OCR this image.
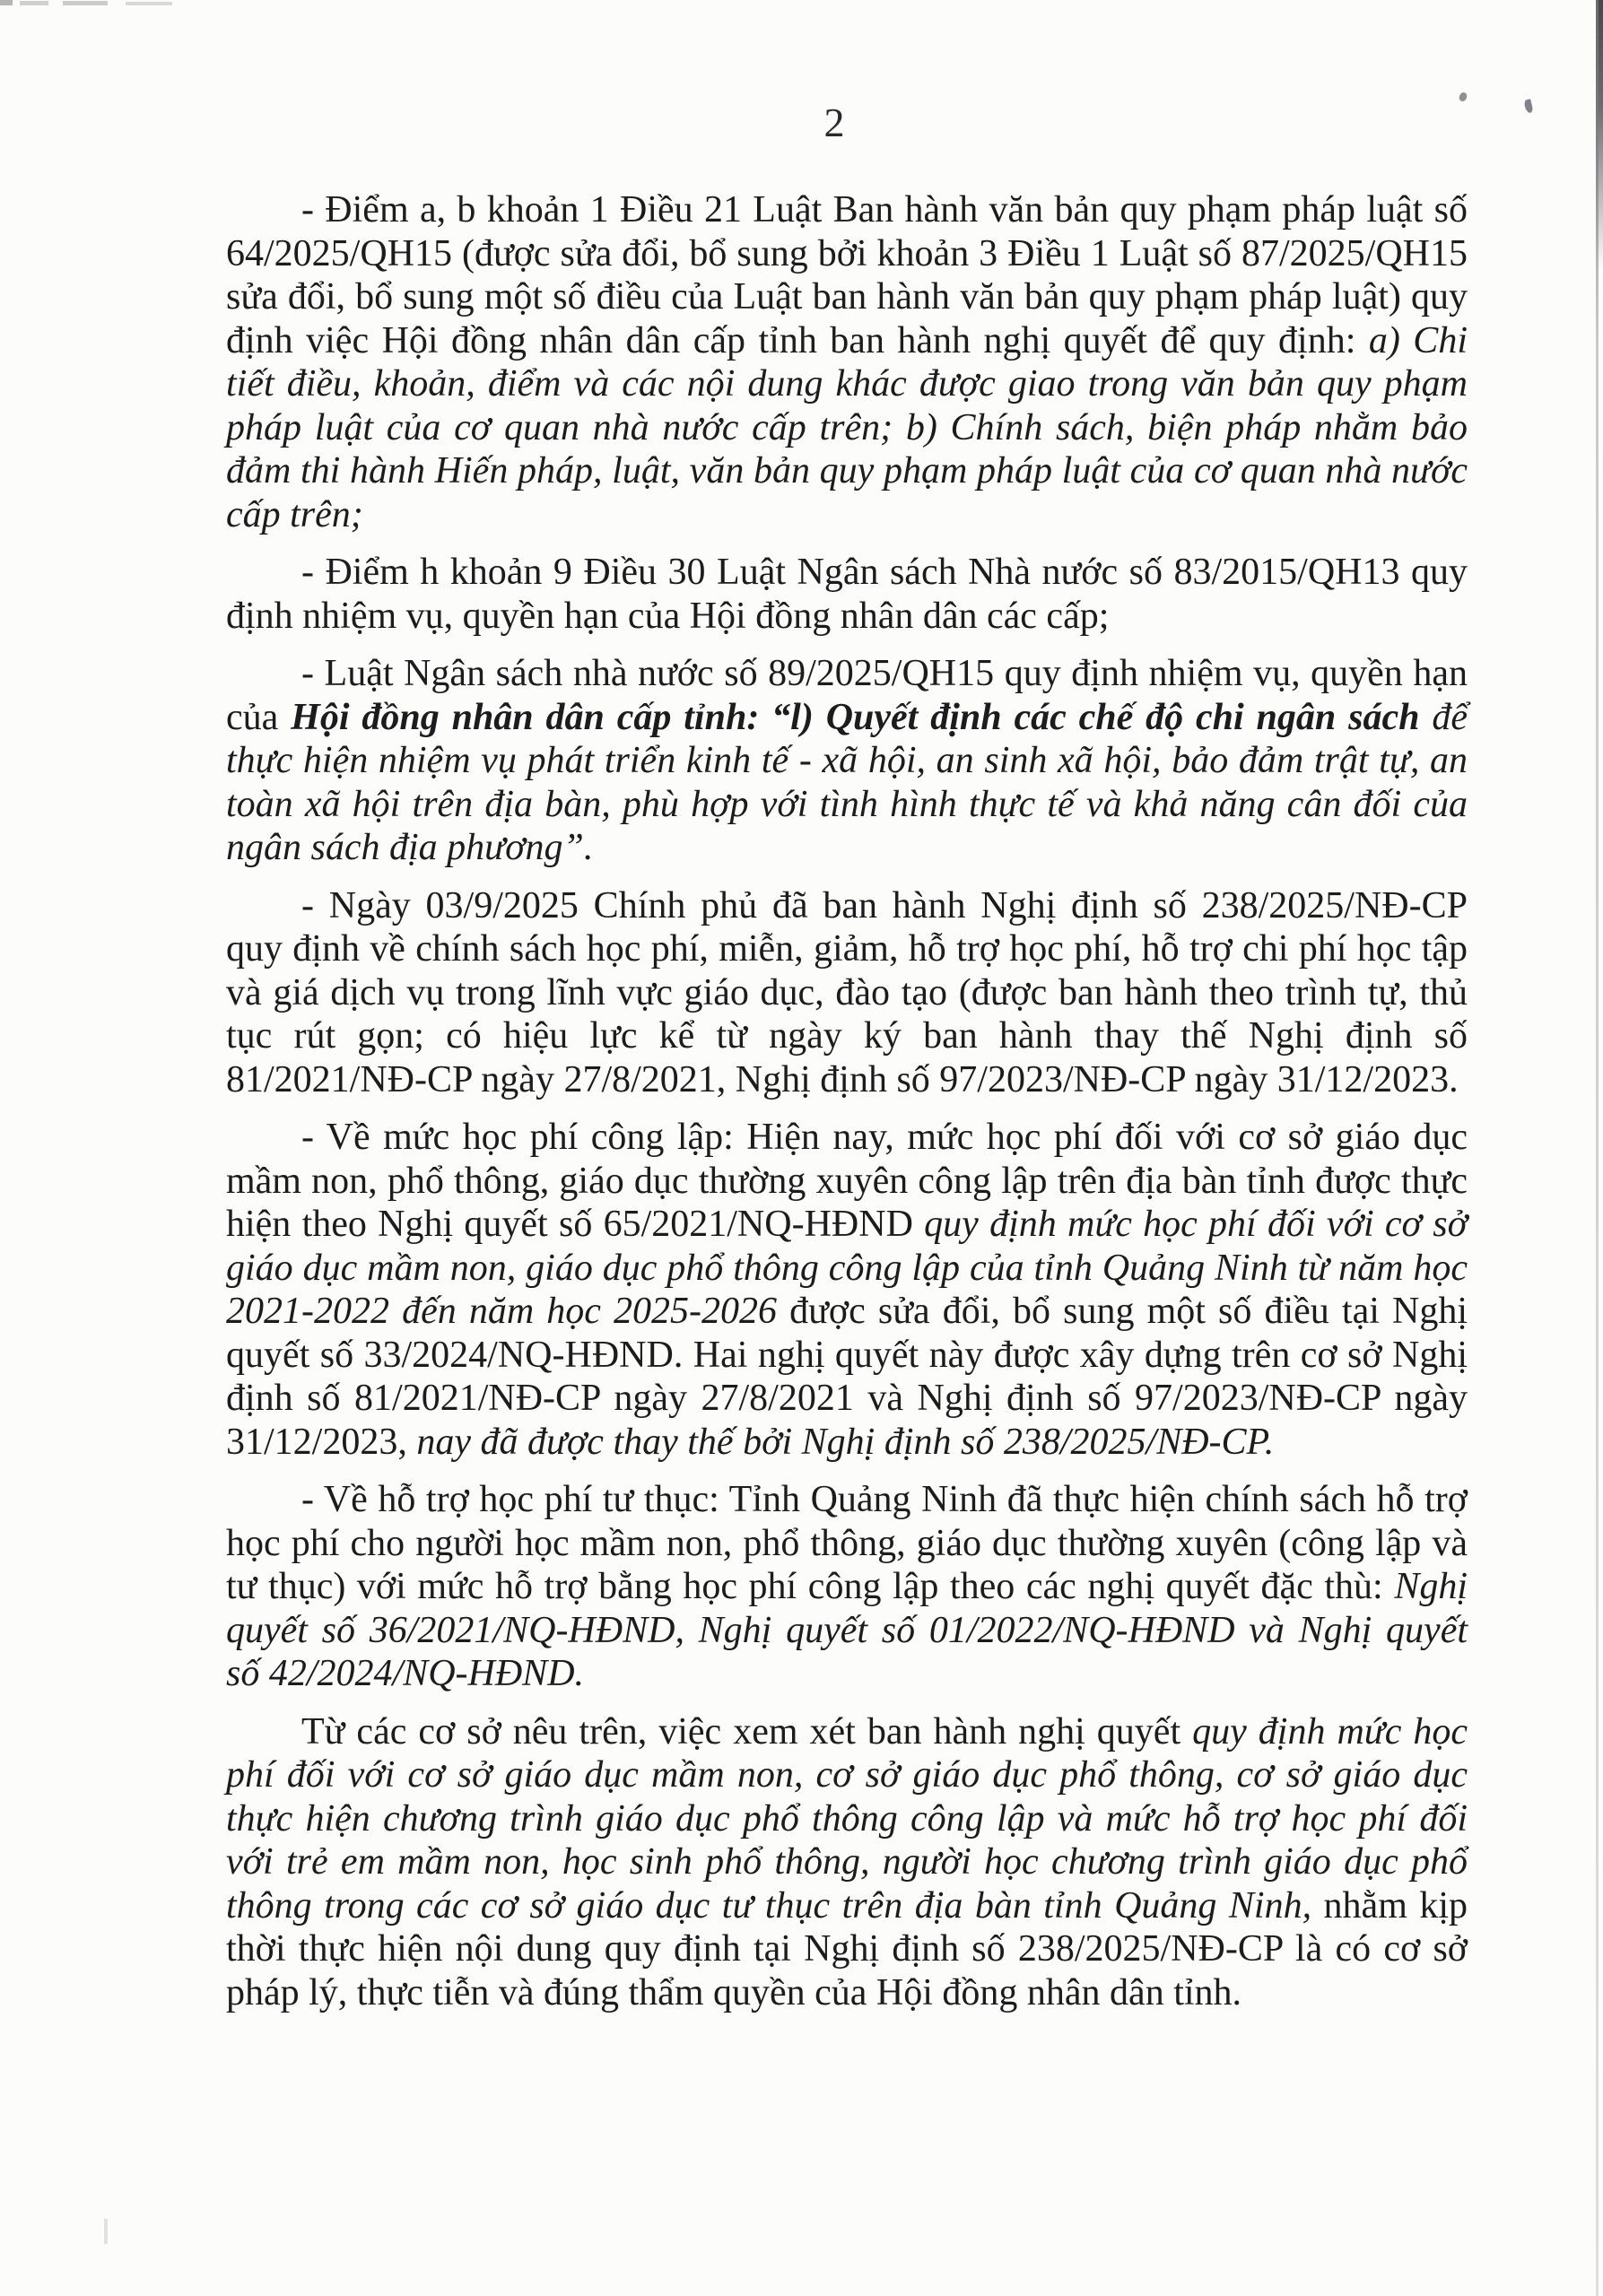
2

- Điểm a, b khoản 1 Điều 21 Luật Ban hành văn bản quy phạm pháp luật số 64/2025/QH15 (được sửa đổi, bổ sung bởi khoản 3 Điều 1 Luật số 87/2025/QH15 sửa đổi, bổ sung một số điều của Luật ban hành văn bản quy phạm pháp luật) quy định việc Hội đồng nhân dân cấp tỉnh ban hành nghị quyết để quy định: a) Chi tiết điều, khoản, điểm và các nội dung khác được giao trong văn bản quy phạm pháp luật của cơ quan nhà nước cấp trên; b) Chính sách, biện pháp nhằm bảo đảm thi hành Hiến pháp, luật, văn bản quy phạm pháp luật của cơ quan nhà nước cấp trên;

- Điểm h khoản 9 Điều 30 Luật Ngân sách Nhà nước số 83/2015/QH13 quy định nhiệm vụ, quyền hạn của Hội đồng nhân dân các cấp;

- Luật Ngân sách nhà nước số 89/2025/QH15 quy định nhiệm vụ, quyền hạn của Hội đồng nhân dân cấp tỉnh: “l) Quyết định các chế độ chi ngân sách để thực hiện nhiệm vụ phát triển kinh tế - xã hội, an sinh xã hội, bảo đảm trật tự, an toàn xã hội trên địa bàn, phù hợp với tình hình thực tế và khả năng cân đối của ngân sách địa phương”.

- Ngày 03/9/2025 Chính phủ đã ban hành Nghị định số 238/2025/NĐ-CP quy định về chính sách học phí, miễn, giảm, hỗ trợ học phí, hỗ trợ chi phí học tập và giá dịch vụ trong lĩnh vực giáo dục, đào tạo (được ban hành theo trình tự, thủ tục rút gọn; có hiệu lực kể từ ngày ký ban hành thay thế Nghị định số 81/2021/NĐ-CP ngày 27/8/2021, Nghị định số 97/2023/NĐ-CP ngày 31/12/2023.

- Về mức học phí công lập: Hiện nay, mức học phí đối với cơ sở giáo dục mầm non, phổ thông, giáo dục thường xuyên công lập trên địa bàn tỉnh được thực hiện theo Nghị quyết số 65/2021/NQ-HĐND quy định mức học phí đối với cơ sở giáo dục mầm non, giáo dục phổ thông công lập của tỉnh Quảng Ninh từ năm học 2021-2022 đến năm học 2025-2026 được sửa đổi, bổ sung một số điều tại Nghị quyết số 33/2024/NQ-HĐND. Hai nghị quyết này được xây dựng trên cơ sở Nghị định số 81/2021/NĐ-CP ngày 27/8/2021 và Nghị định số 97/2023/NĐ-CP ngày 31/12/2023, nay đã được thay thế bởi Nghị định số 238/2025/NĐ-CP.

- Về hỗ trợ học phí tư thục: Tỉnh Quảng Ninh đã thực hiện chính sách hỗ trợ học phí cho người học mầm non, phổ thông, giáo dục thường xuyên (công lập và tư thục) với mức hỗ trợ bằng học phí công lập theo các nghị quyết đặc thù: Nghị quyết số 36/2021/NQ-HĐND, Nghị quyết số 01/2022/NQ-HĐND và Nghị quyết số 42/2024/NQ-HĐND.

Từ các cơ sở nêu trên, việc xem xét ban hành nghị quyết quy định mức học phí đối với cơ sở giáo dục mầm non, cơ sở giáo dục phổ thông, cơ sở giáo dục thực hiện chương trình giáo dục phổ thông công lập và mức hỗ trợ học phí đối với trẻ em mầm non, học sinh phổ thông, người học chương trình giáo dục phổ thông trong các cơ sở giáo dục tư thục trên địa bàn tỉnh Quảng Ninh, nhằm kịp thời thực hiện nội dung quy định tại Nghị định số 238/2025/NĐ-CP là có cơ sở pháp lý, thực tiễn và đúng thẩm quyền của Hội đồng nhân dân tỉnh.
